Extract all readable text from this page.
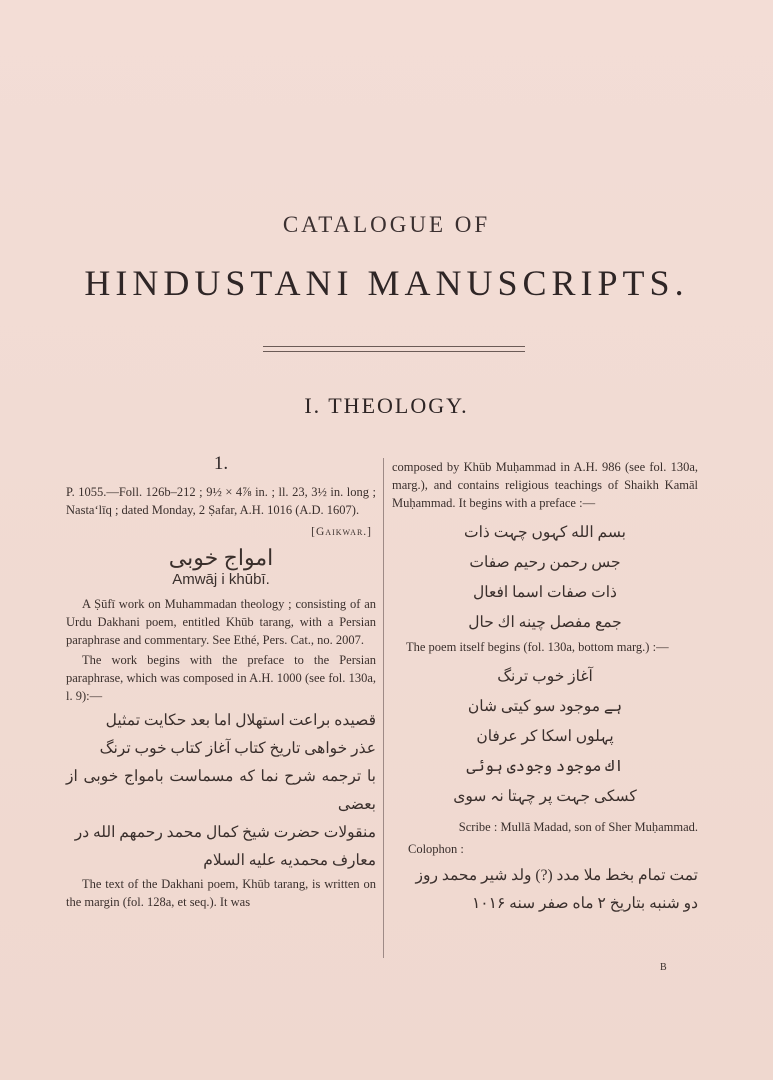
CATALOGUE OF
HINDUSTANI MANUSCRIPTS.
I. THEOLOGY.
1.

P. 1055.—Foll. 126b–212 ; 9½ × 4⅞ in. ; ll. 23, 3½ in. long ; Nasta‘līq ; dated Monday, 2 Ṣafar, A.H. 1016 (A.D. 1607).

[Gaikwar.]
امواج خوبی
Amwāj i khūbī.

A Ṣūfī work on Muhammadan theology ; consisting of an Urdu Dakhani poem, entitled Khūb tarang, with a Persian paraphrase and commentary. See Ethé, Pers. Cat., no. 2007.

The work begins with the preface to the Persian paraphrase, which was composed in A.H. 1000 (see fol. 130a, l. 9):—

قصیده براعت استهلال اما بعد حکایت تمثیل

عذر خواهی تاریخ کتاب آغاز کتاب خوب ترنگ

با ترجمه شرح نما که مسماست بامواج خوبی از بعضی

منقولات حضرت شیخ کمال محمد رحمهم الله در

معارف محمدیه علیه السلام

The text of the Dakhani poem, Khūb tarang, is written on the margin (fol. 128a, et seq.). It was

composed by Khūb Muḥammad in A.H. 986 (see fol. 130a, marg.), and contains religious teachings of Shaikh Kamāl Muḥammad. It begins with a preface :—

بسم الله کہوں چہت ذات

جس رحمن رحیم صفات

ذات صفات اسما افعال

جمع مفصل چینه اك حال

The poem itself begins (fol. 130a, bottom marg.) :—

آغاز خوب ترنگ

ہے موجود سو کیتی شان

پہلوں اسکا کر عرفان

اك موجود وجودی ہوئی

کسکی جہت پر چہتا نہ سوی

Scribe : Mullā Madad, son of Sher Muḥammad.

Colophon :

تمت تمام بخط ملا مدد (?) ولد شیر محمد روز

دو شنبه بتاریخ ۲ ماه صفر سنه ۱۰۱۶

B
